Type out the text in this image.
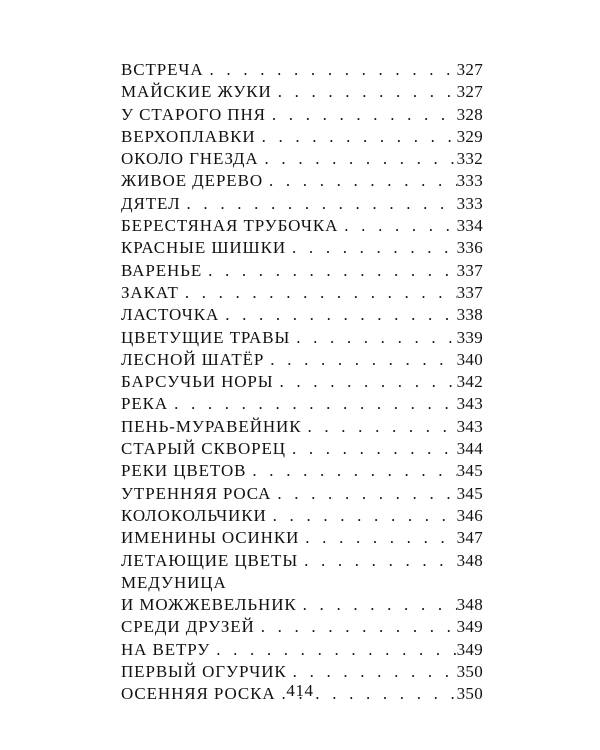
ВСТРЕЧА . . .	327
МАЙСКИЕ ЖУКИ . . .	327
У СТАРОГО ПНЯ . . .	328
ВЕРХОПЛАВКИ . . .	329
ОКОЛО ГНЕЗДА . . .	332
ЖИВОЕ ДЕРЕВО . . .	333
ДЯТЕЛ . . .	333
БЕРЕСТЯНАЯ ТРУБОЧКА . . .	334
КРАСНЫЕ ШИШКИ . . .	336
ВАРЕНЬЕ . . .	337
ЗАКАТ . . .	337
ЛАСТОЧКА . . .	338
ЦВЕТУЩИЕ ТРАВЫ . . .	339
ЛЕСНОЙ ШАТЁР . . .	340
БАРСУЧЬИ НОРЫ . . .	342
РЕКА . . .	343
ПЕНЬ-МУРАВЕЙНИК . . .	343
СТАРЫЙ СКВОРЕЦ . . .	344
РЕКИ ЦВЕТОВ . . .	345
УТРЕННЯЯ РОСА . . .	345
КОЛОКОЛЬЧИКИ . . .	346
ИМЕНИНЫ ОСИНКИ . . .	347
ЛЕТАЮЩИЕ ЦВЕТЫ . . .	348
МЕДУНИЦА
И МОЖЖЕВЕЛЬНИК . . .	348
СРЕДИ ДРУЗЕЙ . . .	349
НА ВЕТРУ . . .	349
ПЕРВЫЙ ОГУРЧИК . . .	350
ОСЕННЯЯ РОСКА . . .	350
414
